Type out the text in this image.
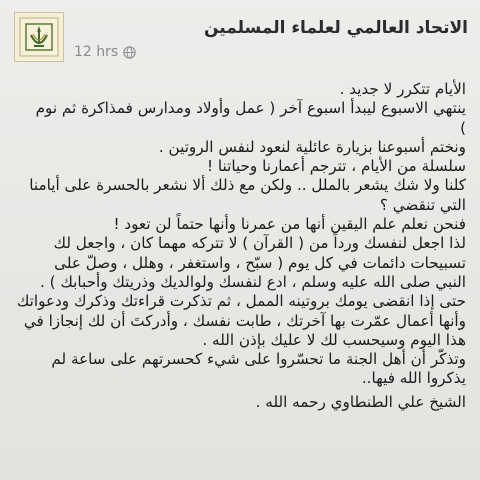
الاتحاد العالمي لعلماء المسلمين
12 hrs

الأيام تتكرر لا جديد .

ينتهي الاسبوع ليبدأ اسبوع آخر ( عمل وأولاد ومدارس فمذاكرة ثم نوم

)

ونختم أسبوعنا بزيارة عائلية لنعود لنفس الروتين .

سلسلة من الأيام ، تترجم أعمارنا وحياتنا !

كلنا ولا شك يشعر بالملل .. ولكن مع ذلك ألا نشعر بالحسرة على أيامنا

التي تنقضي ؟

فنحن نعلم علم اليقين أنها من عمرنا وأنها حتماً لن تعود !

لذا اجعل لنفسك ورداً من ( القرآن ) لا تتركه مهما كان ، واجعل لك

تسبيحات دائمات في كل يوم ( سبّح ، واستغفر ، وهلل ، وصلّ على

النبي صلى الله عليه وسلم ، ادع لنفسك ولوالديك وذريتك وأحبابك ) .

حتى إذا انقضى يومك بروتينه الممل ، ثم تذكرت قراءتك وذكرك ودعواتك

وأنها أعمال عمّرت بها آخرتك ، طابت نفسك ، وأدركتَ أن لك إنجازا في

هذا اليوم وسيحسب لك لا عليك بإذن الله .

وتذكّر أن أهل الجنة ما تحسّروا على شيء كحسرتهم على ساعة لم

يذكروا الله فيها..

الشيخ علي الطنطاوي رحمه الله .
